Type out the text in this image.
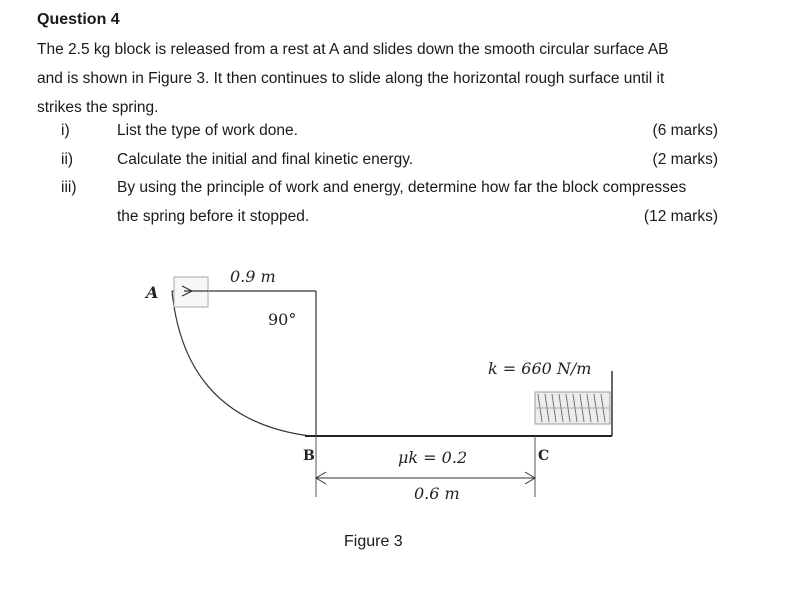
Question 4
The 2.5 kg block is released from a rest at A and slides down the smooth circular surface AB
and is shown in Figure 3. It then continues to slide along the horizontal rough surface until it
strikes the spring.
i)	List the type of work done.	(6 marks)
ii)	Calculate the initial and final kinetic energy.	(2 marks)
iii)	By using the principle of work and energy, determine how far the block compresses
the spring before it stopped.	(12 marks)
A
B	C
0.9 m
90°
μk = 0.2
0.6 m
k = 660 N/m
Figure 3
